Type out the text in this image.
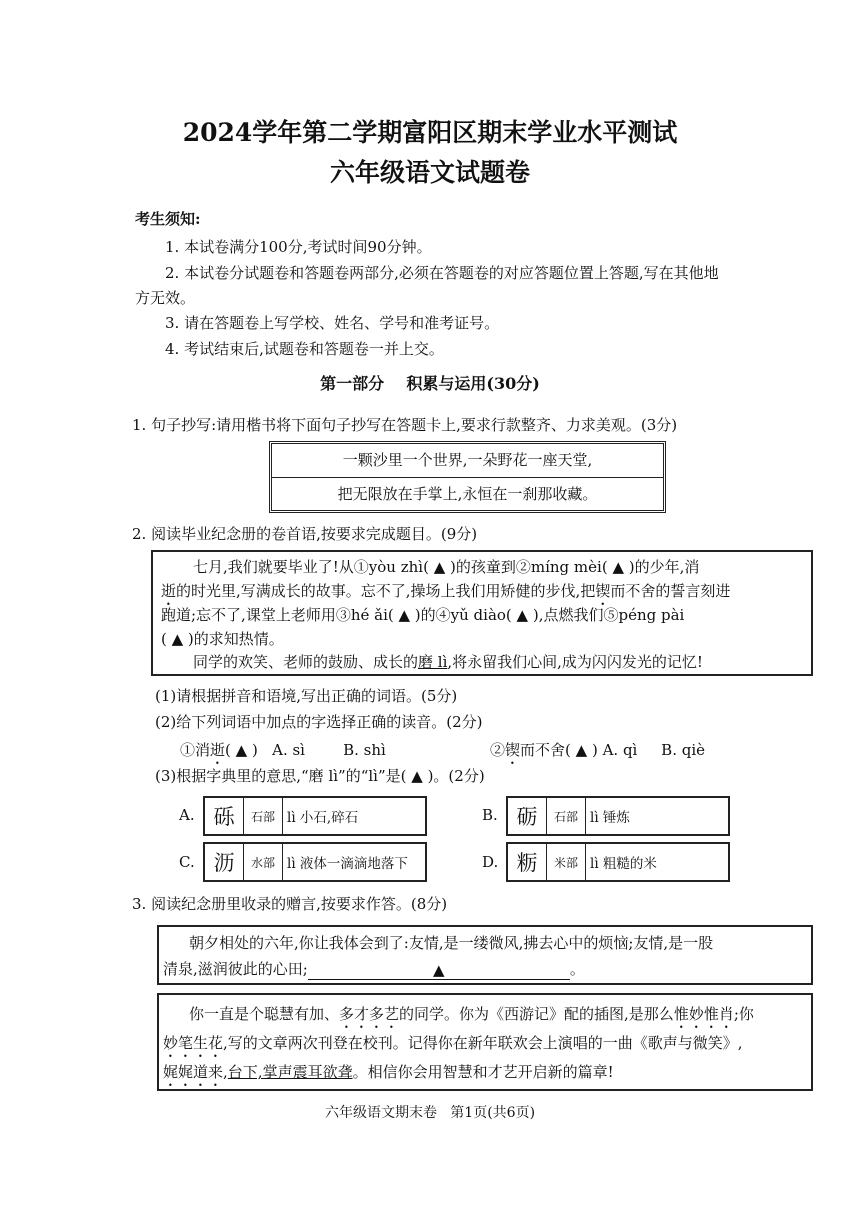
2024学年第二学期富阳区期末学业水平测试
六年级语文试题卷
考生须知:
1. 本试卷满分100分,考试时间90分钟。
2. 本试卷分试题卷和答题卷两部分,必须在答题卷的对应答题位置上答题,写在其他地
方无效。
3. 请在答题卷上写学校、姓名、学号和准考证号。
4. 考试结束后,试题卷和答题卷一并上交。
第一部分    积累与运用(30分)
1. 句子抄写:请用楷书将下面句子抄写在答题卡上,要求行款整齐、力求美观。(3分)
一颗沙里一个世界,一朵野花一座天堂,
把无限放在手掌上,永恒在一刹那收藏。
2. 阅读毕业纪念册的卷首语,按要求完成题目。(9分)
七月,我们就要毕业了!从①yòu zhì( ▲ )的孩童到②míng mèi( ▲ )的少年,消
逝的时光里,写满成长的故事。忘不了,操场上我们用矫健的步伐,把锲而不舍的誓言刻进
跑道;忘不了,课堂上老师用③hé ǎi( ▲ )的④yǔ diào( ▲ ),点燃我们⑤péng pài
( ▲ )的求知热情。
同学的欢笑、老师的鼓励、成长的磨 lì,将永留我们心间,成为闪闪发光的记忆!
(1)请根据拼音和语境,写出正确的词语。(5分)
(2)给下列词语中加点的字选择正确的读音。(2分)
①消逝( ▲ )   A. sì        B. shì	②锲而不舍( ▲ ) A. qì     B. qiè
(3)根据字典里的意思,“磨 lì”的“lì”是( ▲ )。(2分)
A. 砾	石部 lì 小石,碎石	B. 砺	石部 lì 锤炼
C. 沥	水部 lì 液体一滴滴地落下	D. 粝	米部 lì 粗糙的米
3. 阅读纪念册里收录的赠言,按要求作答。(8分)
朝夕相处的六年,你让我体会到了:友情,是一缕微风,拂去心中的烦恼;友情,是一股
清泉,滋润彼此的心田;	▲	。
你一直是个聪慧有加、多才多艺的同学。你为《西游记》配的插图,是那么惟妙惟肖;你
妙笔生花,写的文章两次刊登在校刊。记得你在新年联欢会上演唱的一曲《歌声与微笑》,
娓娓道来,台下,掌声震耳欲聋。相信你会用智慧和才艺开启新的篇章!
六年级语文期末卷   第1页(共6页)
